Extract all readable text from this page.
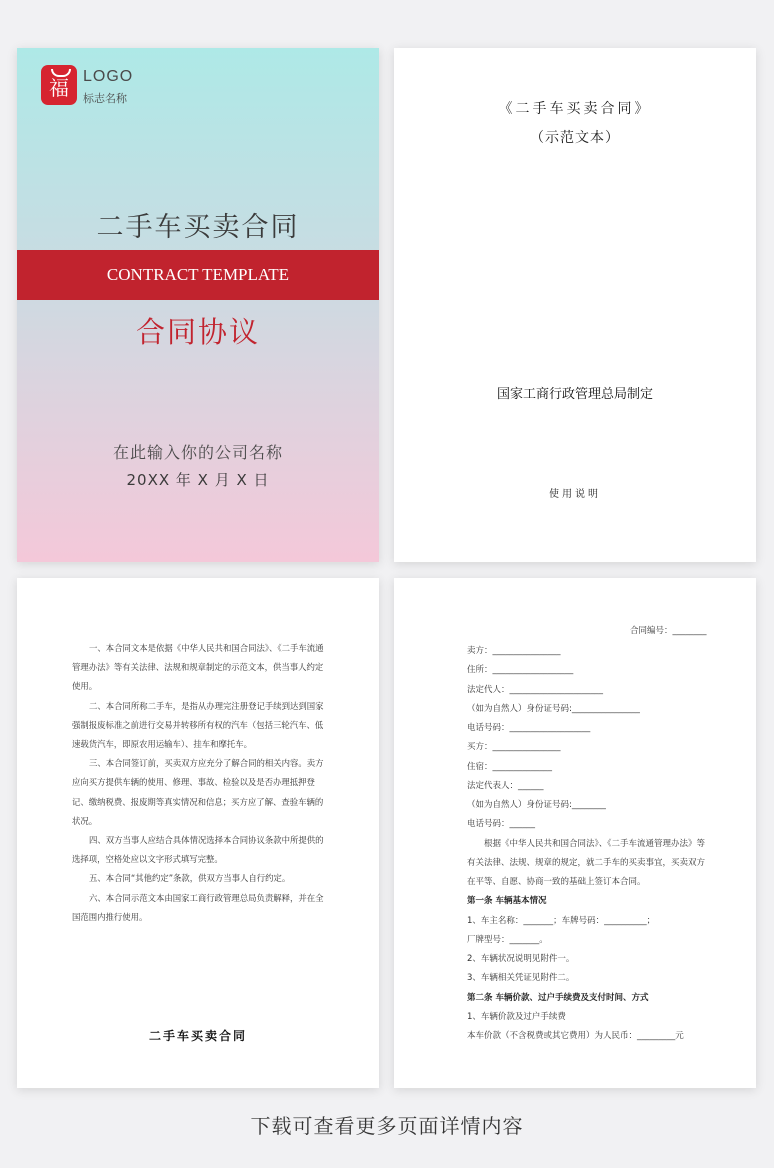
福 LOGO
标志名称
二手车买卖合同
CONTRACT TEMPLATE
合同协议
在此输入你的公司名称
20XX 年 X 月 X 日
《二手车买卖合同》
（示范文本）
国家工商行政管理总局制定
使用说明
一、本合同文本是依据《中华人民共和国合同法》、《二手车流通管理办法》等有关法律、法规和规章制定的示范文本，供当事人约定使用。
二、本合同所称二手车，是指从办理完注册登记手续到达到国家强制报废标准之前进行交易并转移所有权的汽车（包括三轮汽车、低速载货汽车，即原农用运输车）、挂车和摩托车。
三、本合同签订前，买卖双方应充分了解合同的相关内容。卖方应向买方提供车辆的使用、修理、事故、检验以及是否办理抵押登记、缴纳税费、报废期等真实情况和信息；买方应了解、查验车辆的状况。
四、双方当事人应结合具体情况选择本合同协议条款中所提供的选择项，空格处应以文字形式填写完整。
五、本合同“其他约定”条款，供双方当事人自行约定。
六、本合同示范文本由国家工商行政管理总局负责解释，并在全国范围内推行使用。
二手车买卖合同
合同编号：________
卖方：________________
住所：___________________
法定代人：______________________
（如为自然人）身份证号码:________________
电话号码：___________________
买方：________________
住宿：______________
法定代表人：______
（如为自然人）身份证号码:________
电话号码：______
根据《中华人民共和国合同法》、《二手车流通管理办法》等有关法律、法规、规章的规定，就二手车的买卖事宜，买卖双方在平等、自愿、协商一致的基础上签订本合同。
第一条 车辆基本情况
1、车主名称：_______；车牌号码：__________；
厂牌型号：_______。
2、车辆状况说明见附件一。
3、车辆相关凭证见附件二。
第二条 车辆价款、过户手续费及支付时间、方式
1、车辆价款及过户手续费
本车价款（不含税费或其它费用）为人民币：_________元
下载可查看更多页面详情内容
